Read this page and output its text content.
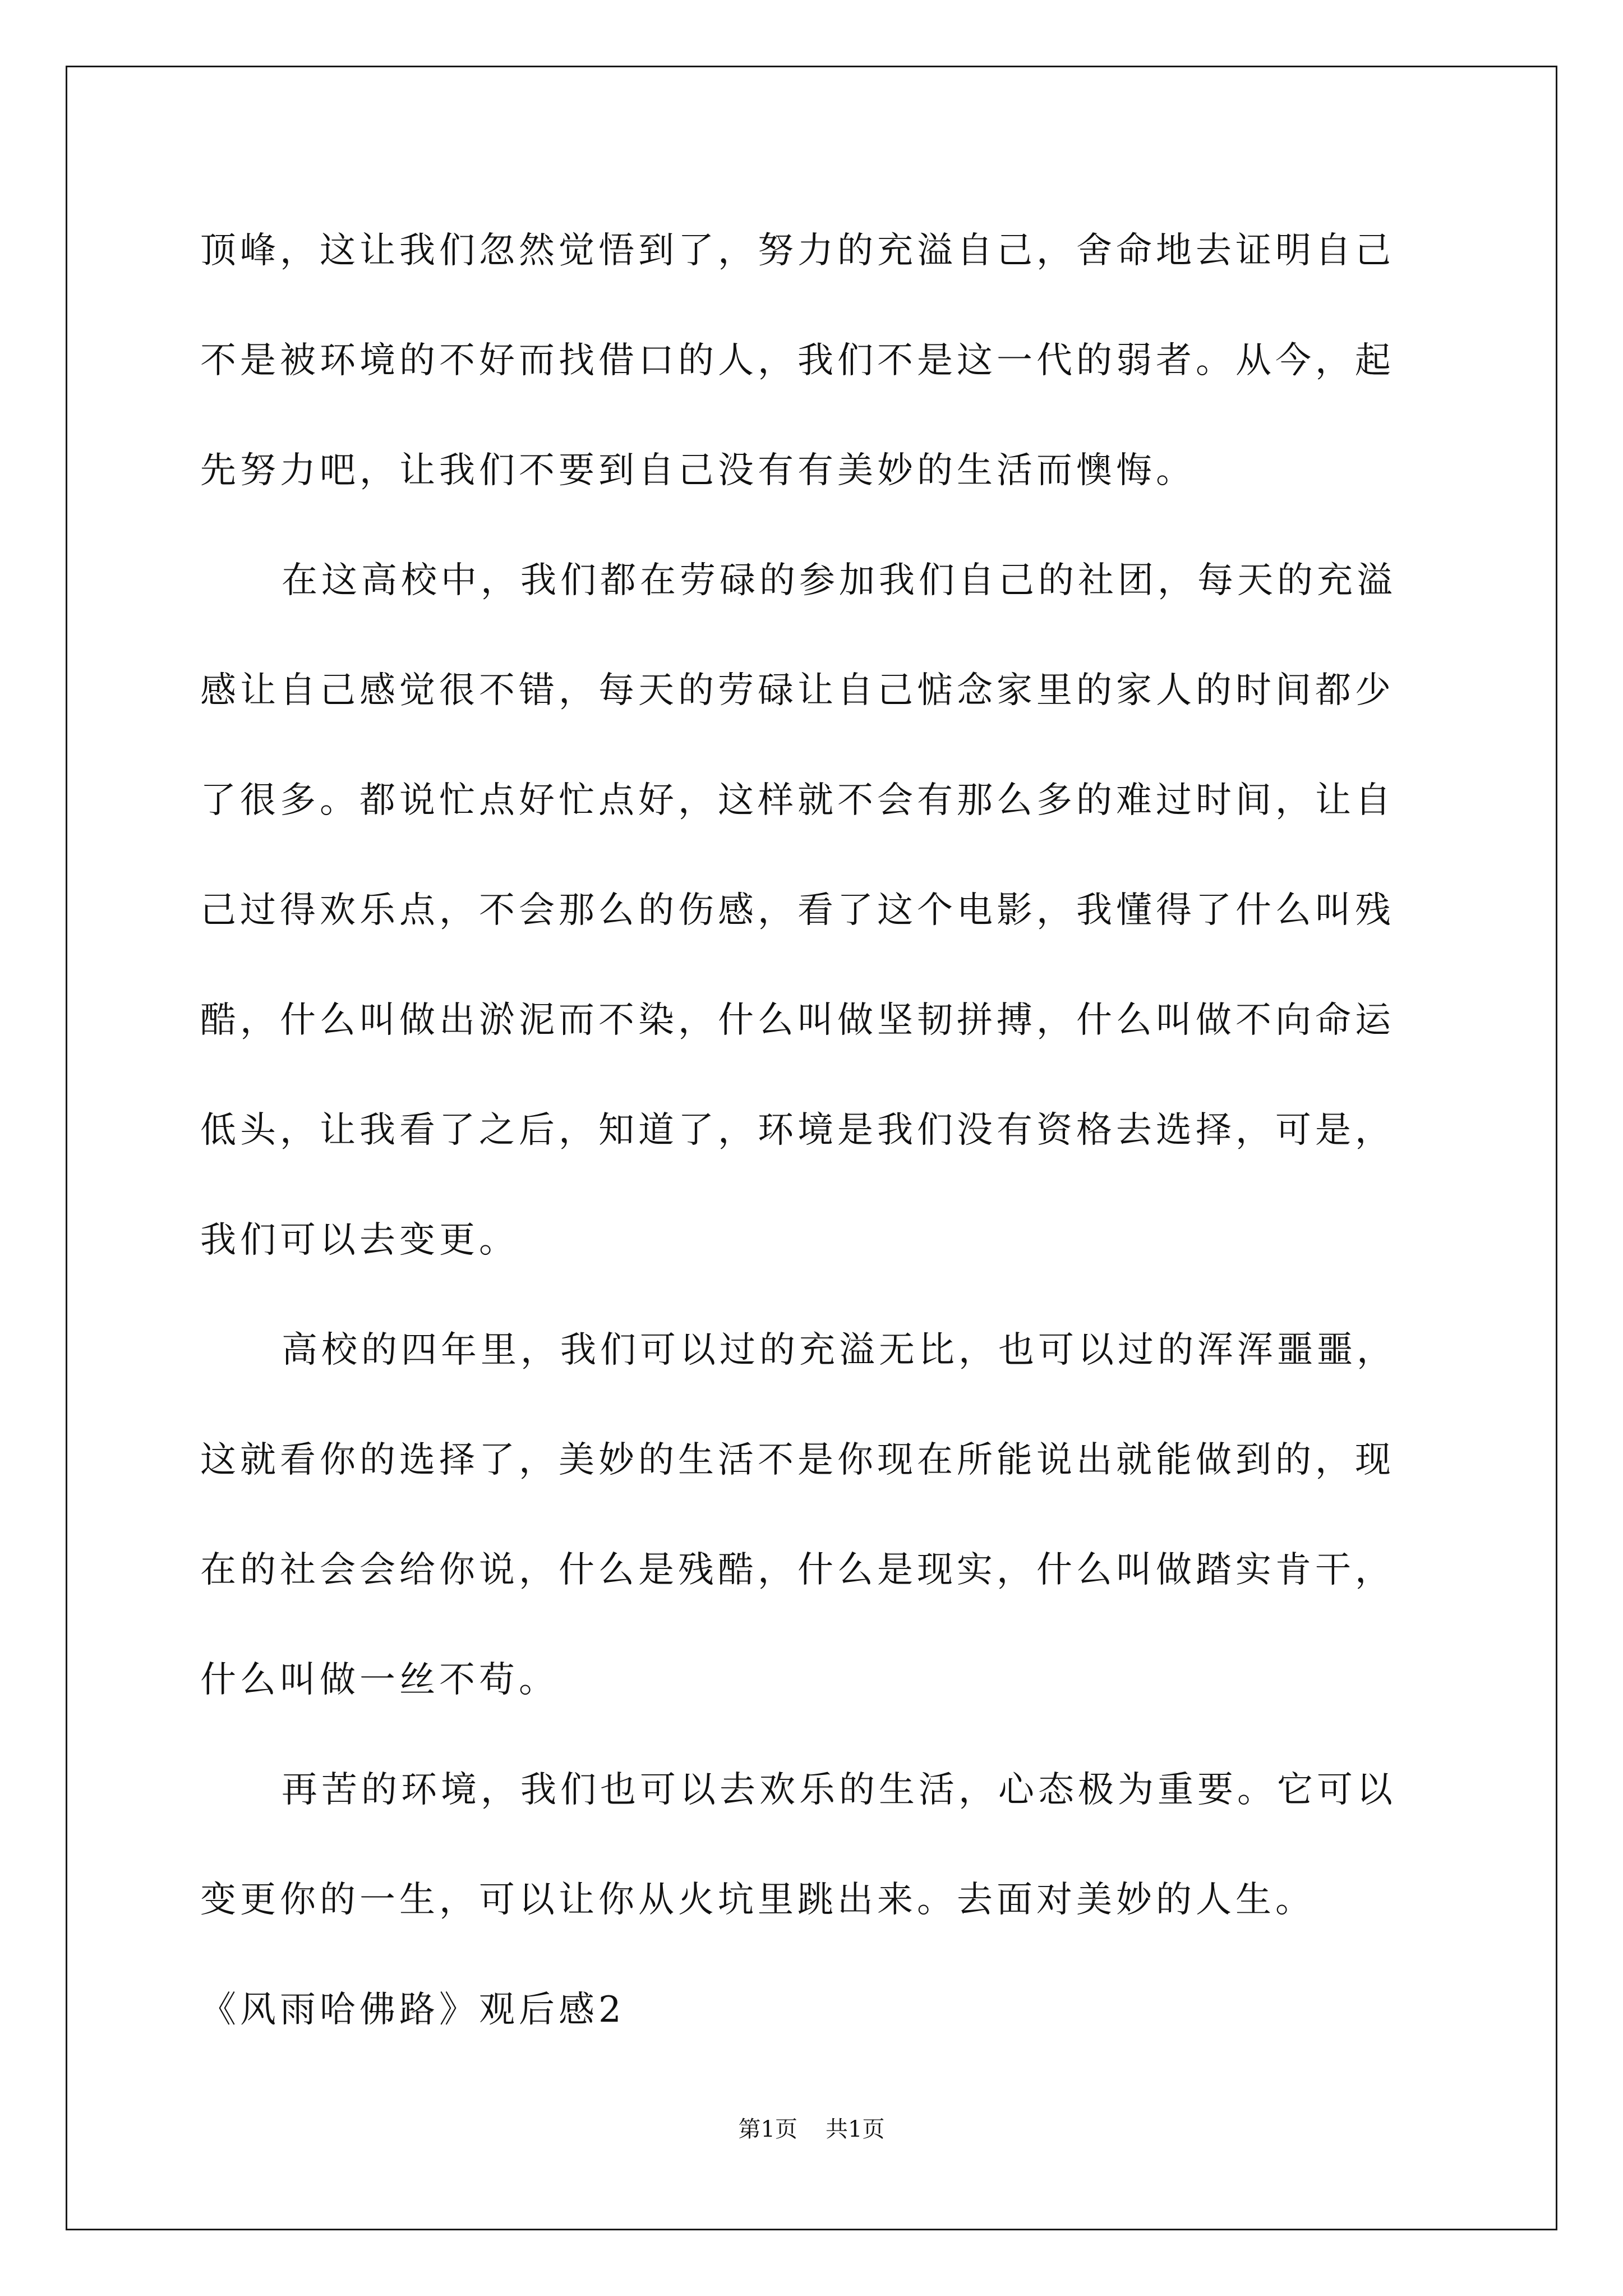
顶峰，这让我们忽然觉悟到了，努力的充溢自己，舍命地去证明自己
不是被环境的不好而找借口的人，我们不是这一代的弱者。从今，起
先努力吧，让我们不要到自己没有有美妙的生活而懊悔。
在这高校中，我们都在劳碌的参加我们自己的社团，每天的充溢
感让自己感觉很不错，每天的劳碌让自己惦念家里的家人的时间都少
了很多。都说忙点好忙点好，这样就不会有那么多的难过时间，让自
己过得欢乐点，不会那么的伤感，看了这个电影，我懂得了什么叫残
酷，什么叫做出淤泥而不染，什么叫做坚韧拼搏，什么叫做不向命运
低头，让我看了之后，知道了，环境是我们没有资格去选择，可是，
我们可以去变更。
高校的四年里，我们可以过的充溢无比，也可以过的浑浑噩噩，
这就看你的选择了，美妙的生活不是你现在所能说出就能做到的，现
在的社会会给你说，什么是残酷，什么是现实，什么叫做踏实肯干，
什么叫做一丝不苟。
再苦的环境，我们也可以去欢乐的生活，心态极为重要。它可以
变更你的一生，可以让你从火坑里跳出来。去面对美妙的人生。
《风雨哈佛路》观后感2
第1页 共1页
